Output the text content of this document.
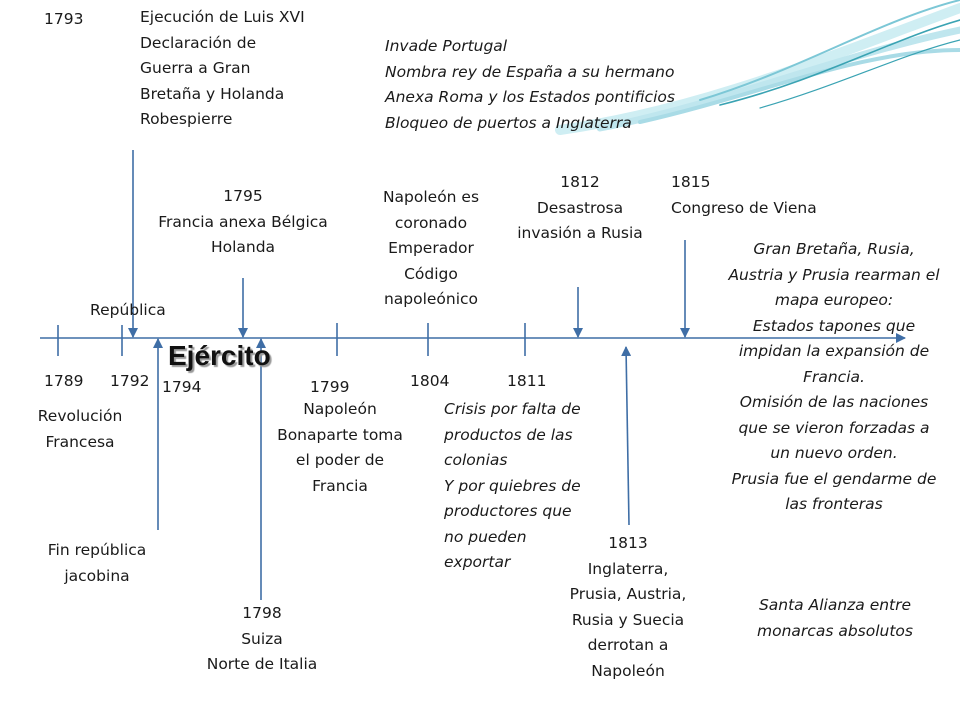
1789 1792 1794	1799	1804	1811
Ejército
1793	Ejecución de Luis XVI
Declaración de
Guerra a Gran
Bretaña y Holanda
Robespierre
Invade Portugal
Nombra rey de España a su hermano
Anexa Roma y los Estados pontificios
Bloqueo de puertos a Inglaterra
1795
Francia anexa Bélgica
Holanda
Napoleón es
coronado
Emperador
Código
napoleónico
1812
Desastrosa
invasión a Rusia
1815
Congreso de Viena
Gran Bretaña, Rusia,
Austria y Prusia rearman el
mapa europeo:
Estados tapones que
impidan la expansión de
Francia.
Omisión de las naciones
que se vieron forzadas a
un nuevo orden.
Prusia fue el gendarme de
las fronteras
República
Revolución
Francesa
Fin república
jacobina
1798
Suiza
Norte de Italia
Napoleón
Bonaparte toma
el poder de
Francia
Crisis por falta de
productos de las
colonias
Y por quiebres de
productores que
no pueden
exportar
1813
Inglaterra,
Prusia, Austria,
Rusia y Suecia
derrotan a
Napoleón
Santa Alianza entre
monarcas absolutos
